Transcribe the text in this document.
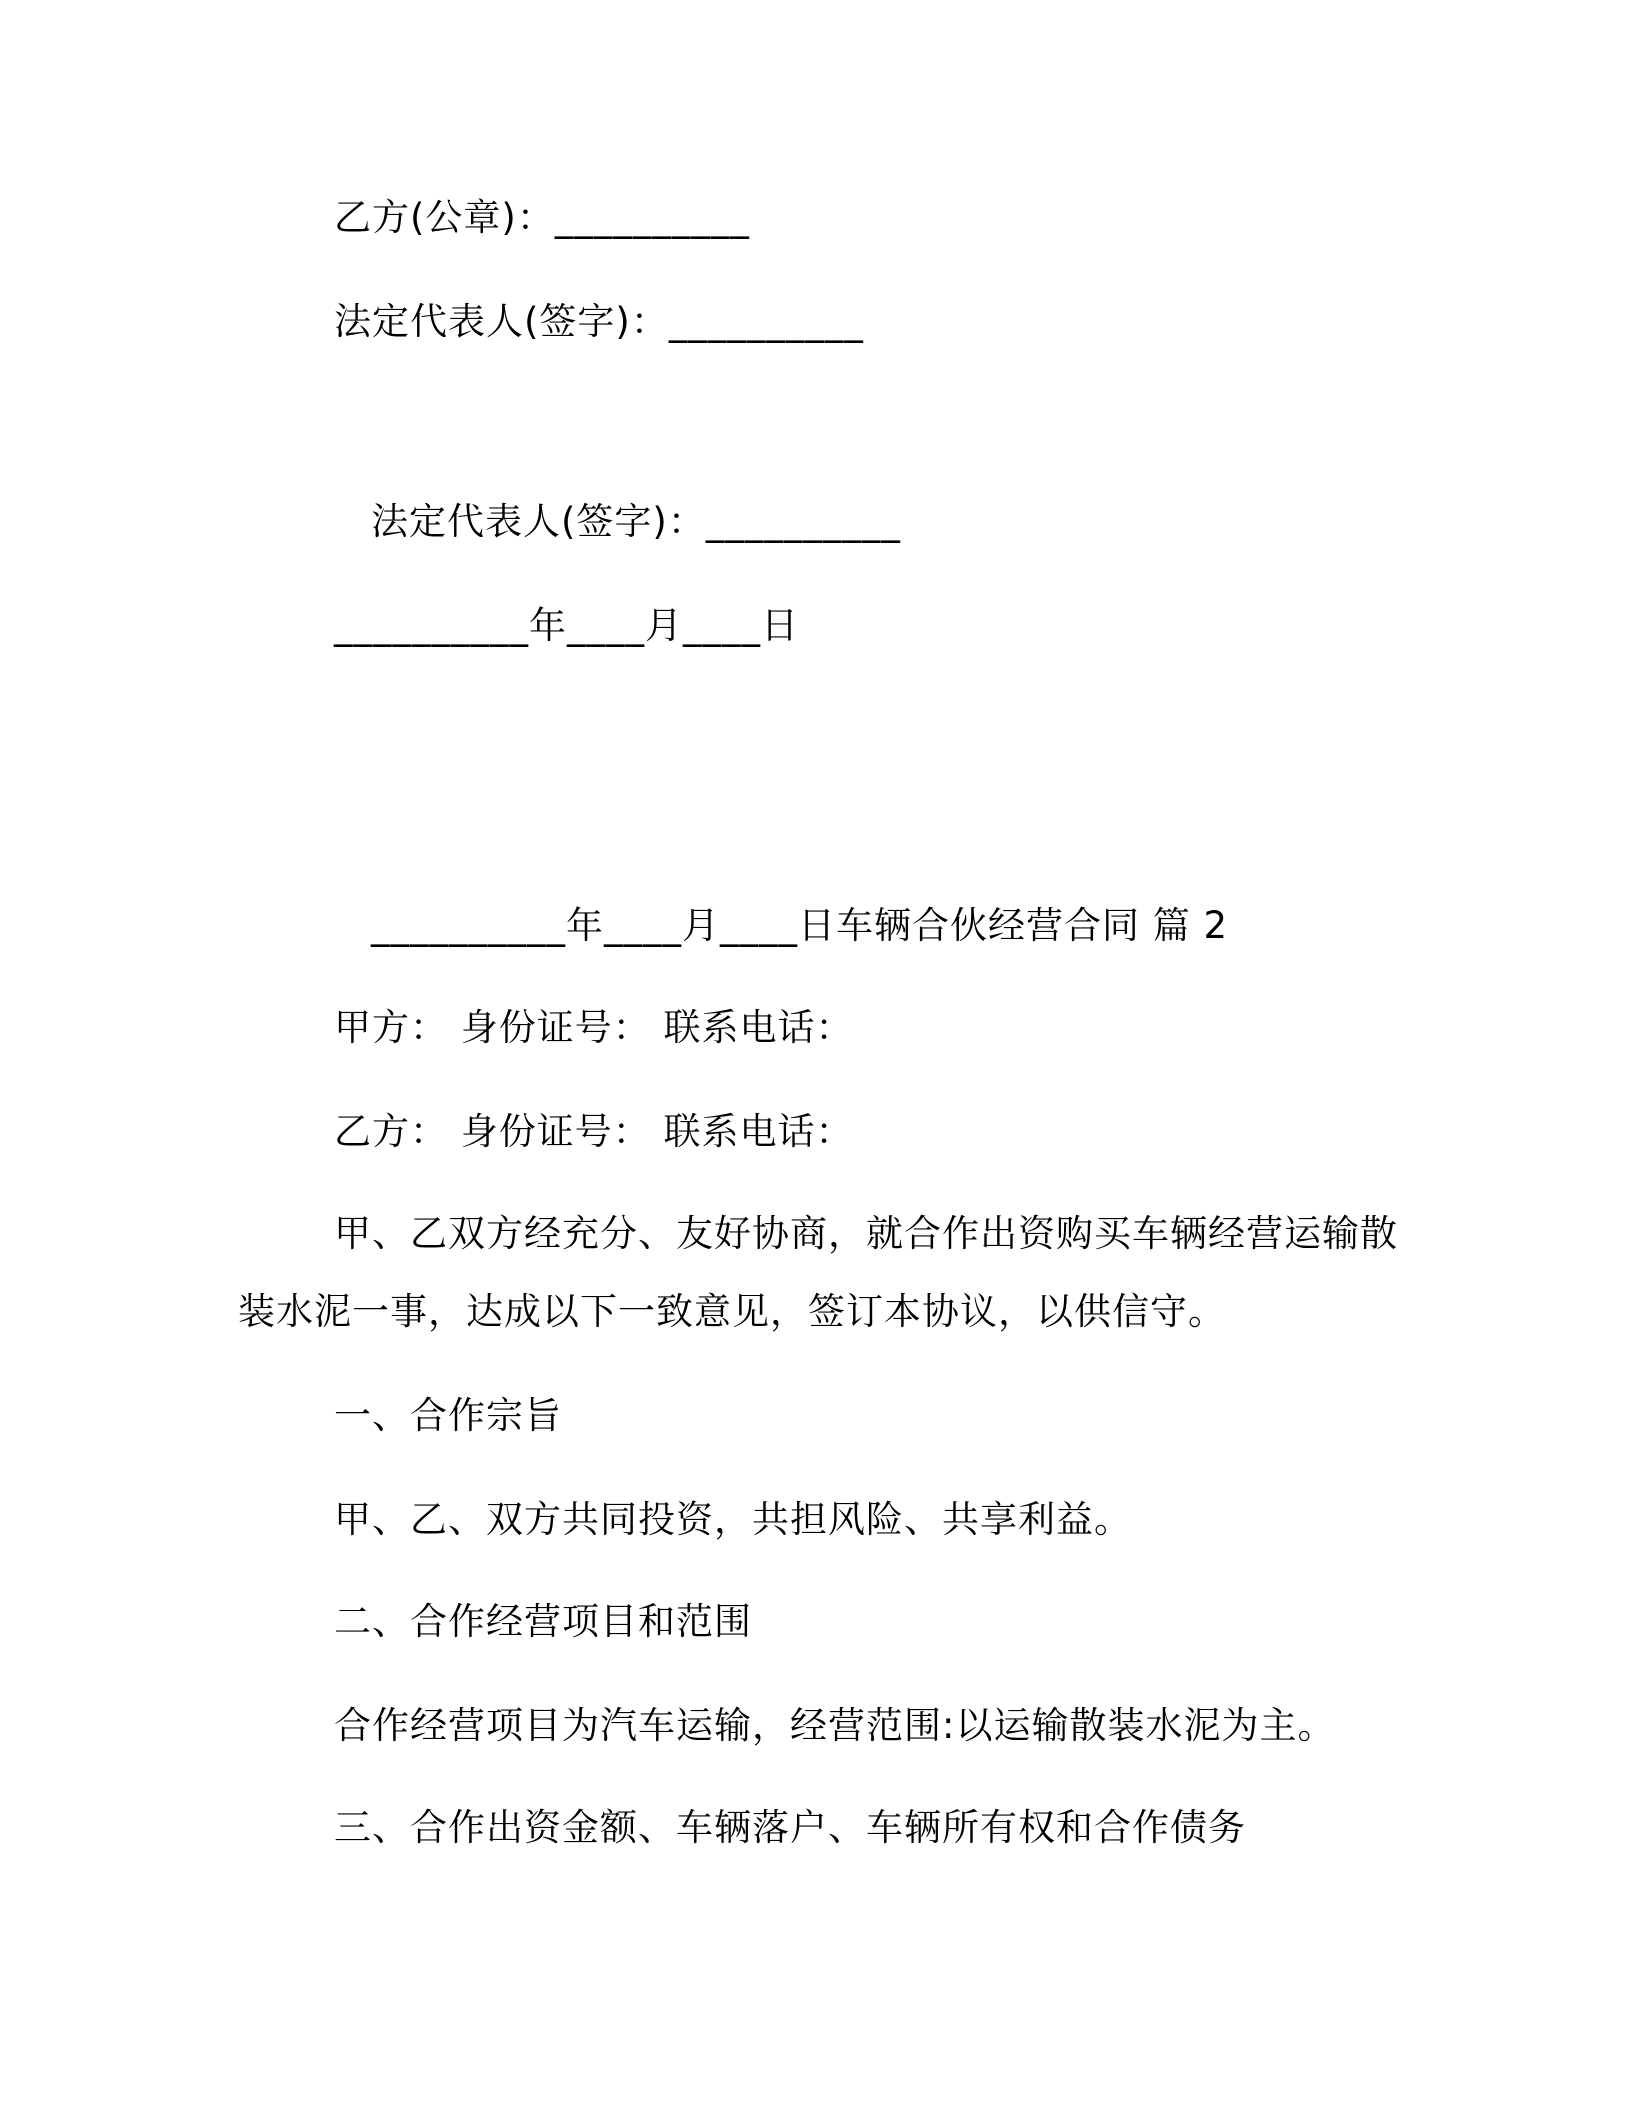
乙方(公章)：__________
法定代表人(签字)：__________
法定代表人(签字)：__________
__________年____月____日
__________年____月____日车辆合伙经营合同 篇 2
甲方： 身份证号： 联系电话：
乙方： 身份证号： 联系电话：
甲、乙双方经充分、友好协商，就合作出资购买车辆经营运输散
装水泥一事，达成以下一致意见，签订本协议，以供信守。
一、合作宗旨
甲、乙、双方共同投资，共担风险、共享利益。
二、合作经营项目和范围
合作经营项目为汽车运输，经营范围:以运输散装水泥为主。
三、合作出资金额、车辆落户、车辆所有权和合作债务
